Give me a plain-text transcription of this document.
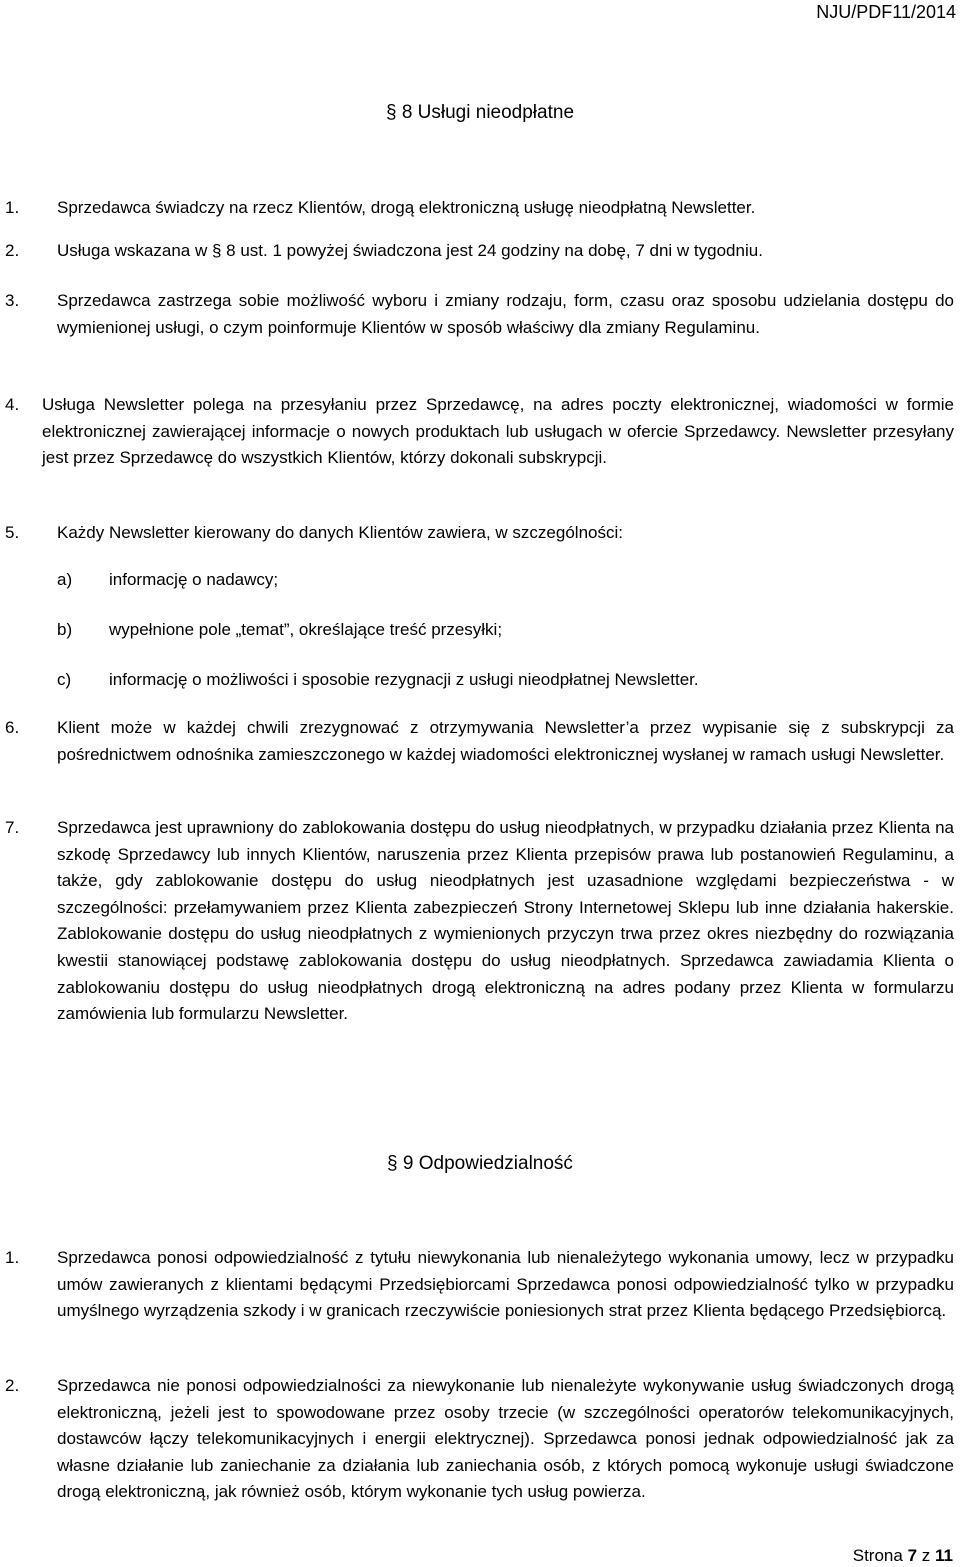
NJU/PDF11/2014
§ 8 Usługi nieodpłatne
1. Sprzedawca świadczy na rzecz Klientów, drogą elektroniczną usługę nieodpłatną Newsletter.

2. Usługa wskazana w § 8 ust. 1 powyżej świadczona jest 24 godziny na dobę, 7 dni w tygodniu.

3. Sprzedawca zastrzega sobie możliwość wyboru i zmiany rodzaju, form, czasu oraz sposobu udzielania dostępu do wymienionej usługi, o czym poinformuje Klientów w sposób właściwy dla zmiany Regulaminu.

4. Usługa Newsletter polega na przesyłaniu przez Sprzedawcę, na adres poczty elektronicznej, wiadomości w formie elektronicznej zawierającej informacje o nowych produktach lub usługach w ofercie Sprzedawcy. Newsletter przesyłany jest przez Sprzedawcę do wszystkich Klientów, którzy dokonali subskrypcji.

5. Każdy Newsletter kierowany do danych Klientów zawiera, w szczególności:

a) informację o nadawcy;
b) wypełnione pole „temat”, określające treść przesyłki;
c) informację o możliwości i sposobie rezygnacji z usługi nieodpłatnej Newsletter.
6. Klient może w każdej chwili zrezygnować z otrzymywania Newsletter’a przez wypisanie się z subskrypcji za pośrednictwem odnośnika zamieszczonego w każdej wiadomości elektronicznej wysłanej w ramach usługi Newsletter.

7. Sprzedawca jest uprawniony do zablokowania dostępu do usług nieodpłatnych, w przypadku działania przez Klienta na szkodę Sprzedawcy lub innych Klientów, naruszenia przez Klienta przepisów prawa lub postanowień Regulaminu, a także, gdy zablokowanie dostępu do usług nieodpłatnych jest uzasadnione względami bezpieczeństwa - w szczególności: przełamywaniem przez Klienta zabezpieczeń Strony Internetowej Sklepu lub inne działania hakerskie. Zablokowanie dostępu do usług nieodpłatnych z wymienionych przyczyn trwa przez okres niezbędny do rozwiązania kwestii stanowiącej podstawę zablokowania dostępu do usług nieodpłatnych. Sprzedawca zawiadamia Klienta o zablokowaniu dostępu do usług nieodpłatnych drogą elektroniczną na adres podany przez Klienta w formularzu zamówienia lub formularzu Newsletter.

§ 9 Odpowiedzialność
1. Sprzedawca ponosi odpowiedzialność z tytułu niewykonania lub nienależytego wykonania umowy, lecz w przypadku umów zawieranych z klientami będącymi Przedsiębiorcami Sprzedawca ponosi odpowiedzialność tylko w przypadku umyślnego wyrządzenia szkody i w granicach rzeczywiście poniesionych strat przez Klienta będącego Przedsiębiorcą.

2. Sprzedawca nie ponosi odpowiedzialności za niewykonanie lub nienależyte wykonywanie usług świadczonych drogą elektroniczną, jeżeli jest to spowodowane przez osoby trzecie (w szczególności operatorów telekomunikacyjnych, dostawców łączy telekomunikacyjnych i energii elektrycznej). Sprzedawca ponosi jednak odpowiedzialność jak za własne działanie lub zaniechanie za działania lub zaniechania osób, z których pomocą wykonuje usługi świadczone drogą elektroniczną, jak również osób, którym wykonanie tych usług powierza.

Strona 7 z 11
